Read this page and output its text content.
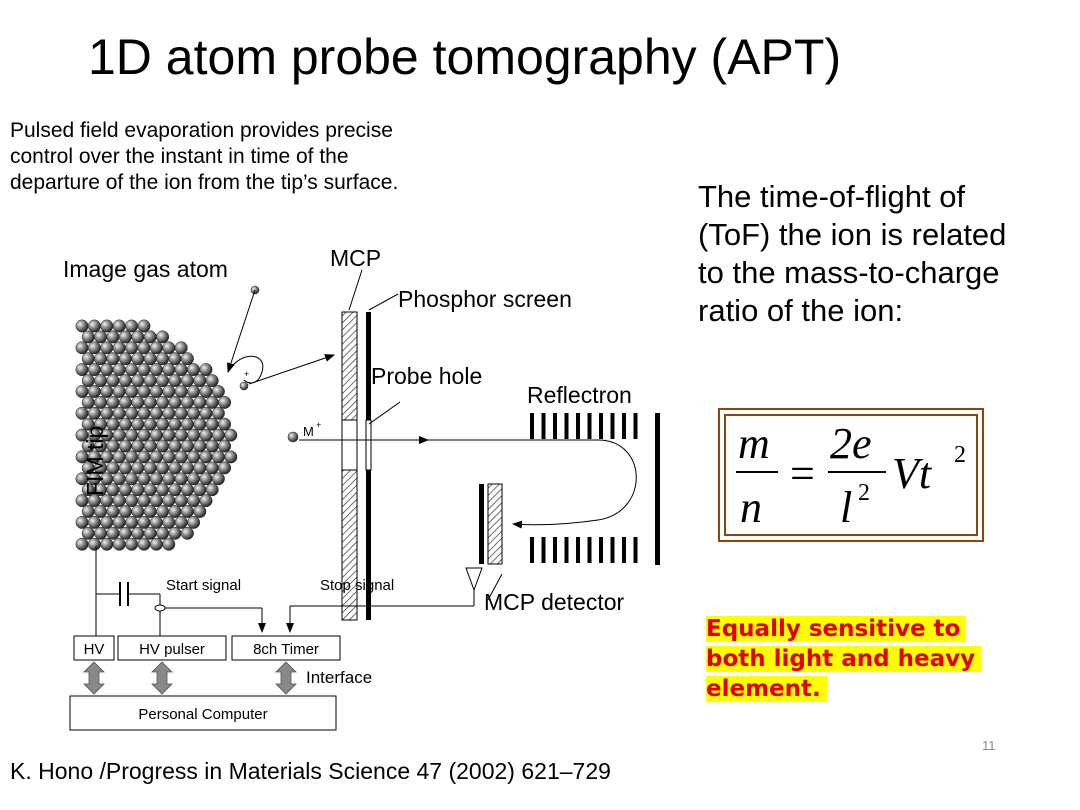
1D atom probe tomography (APT)
Pulsed field evaporation provides precise
control over the instant in time of the
departure of the ion from the tip’s surface.	The time-of-flight of
(ToF) the ion is related
to the mass-to-charge
ratio of the ion:
m
n
=
2e
l 2 Vt 2
Equally sensitive to
both light and heavy
element.
K. Hono /Progress in Materials Science 47 (2002) 621–729
11
+
M +
HV HV pulser	8ch Timer
Personal Computer
Image gas atom	MCP
Phosphor screen
Probe hole
Reflectron
FIM tip
Start signal	Stop signal
MCP detector
Interface
